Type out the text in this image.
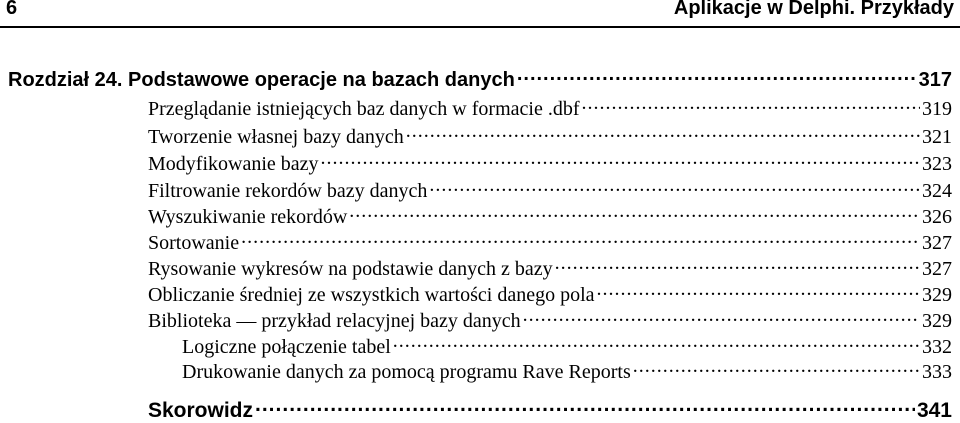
6	Aplikacje w Delphi. Przykłady
Rozdział 24. Podstawowe operacje na bazach danych .....	317
Przeglądanie istniejących baz danych w formacie .dbf .....	319
Tworzenie własnej bazy danych .....	321
Modyfikowanie bazy .....	323
Filtrowanie rekordów bazy danych .....	324
Wyszukiwanie rekordów .....	326
Sortowanie .....	327
Rysowanie wykresów na podstawie danych z bazy .....	327
Obliczanie średniej ze wszystkich wartości danego pola .....	329
Biblioteka — przykład relacyjnej bazy danych .....	329
Logiczne połączenie tabel .....	332
Drukowanie danych za pomocą programu Rave Reports .....	333
Skorowidz .....	341
